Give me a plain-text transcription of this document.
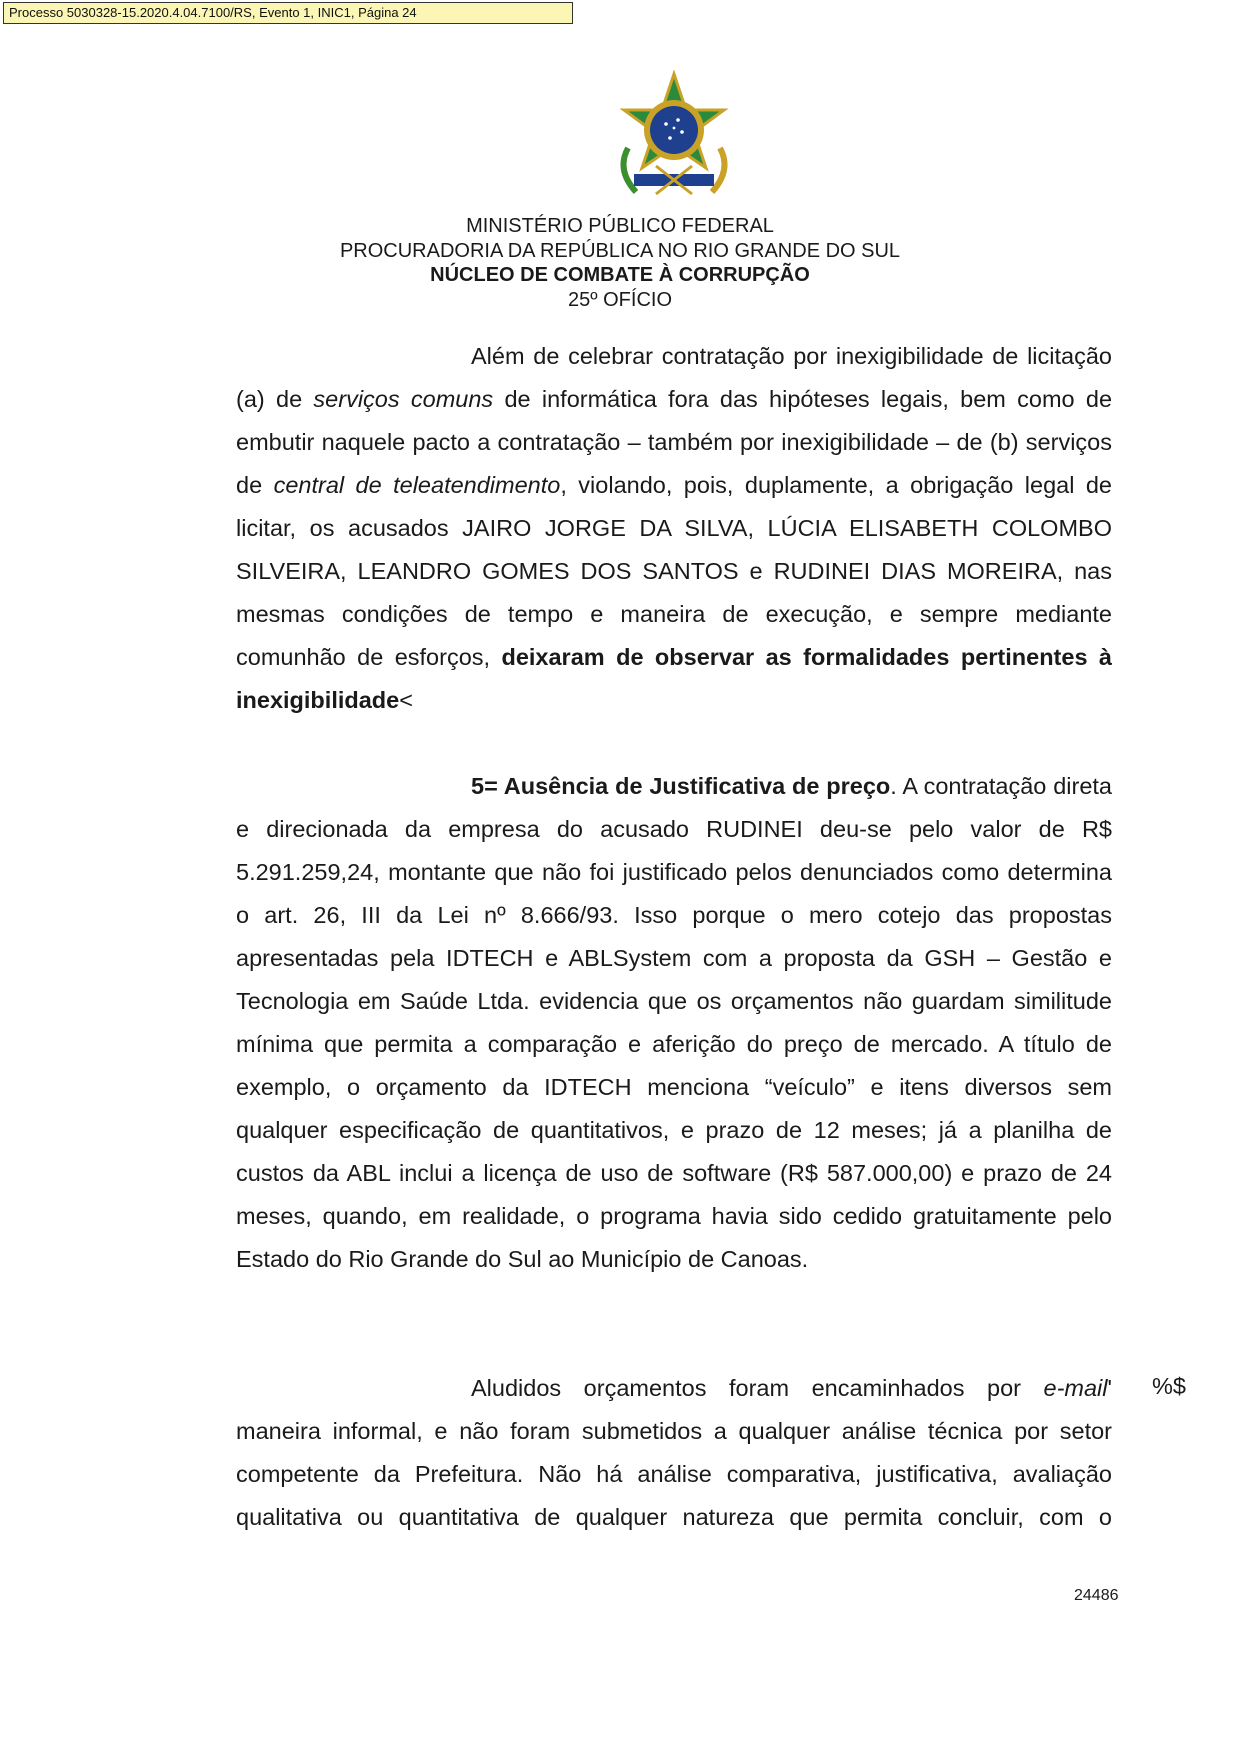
Processo 5030328-15.2020.4.04.7100/RS, Evento 1, INIC1, Página 24
MINISTÉRIO PÚBLICO FEDERAL
PROCURADORIA DA REPÚBLICA NO RIO GRANDE DO SUL
NÚCLEO DE COMBATE À CORRUPÇÃO
25º OFÍCIO

Além de celebrar contratação por inexigibilidade de licitação (a) de serviços comuns de informática fora das hipóteses legais, bem como de embutir naquele pacto a contratação – também por inexigibilidade – de (b) serviços de central de teleatendimento, violando, pois, duplamente, a obrigação legal de licitar, os acusados JAIRO JORGE DA SILVA, LÚCIA ELISABETH COLOMBO SILVEIRA, LEANDRO GOMES DOS SANTOS e RUDINEI DIAS MOREIRA, nas mesmas condições de tempo e maneira de execução, e sempre mediante comunhão de esforços, deixaram de observar as formalidades pertinentes à inexigibilidade<

5= Ausência de Justificativa de preço. A contratação direta e direcionada da empresa do acusado RUDINEI deu-se pelo valor de R$ 5.291.259,24, montante que não foi justificado pelos denunciados como determina o art. 26, III da Lei nº 8.666/93. Isso porque o mero cotejo das propostas apresentadas pela IDTECH e ABLSystem com a proposta da GSH – Gestão e Tecnologia em Saúde Ltda. evidencia que os orçamentos não guardam similitude mínima que permita a comparação e aferição do preço de mercado. A título de exemplo, o orçamento da IDTECH menciona “veículo” e itens diversos sem qualquer especificação de quantitativos, e prazo de 12 meses; já a planilha de custos da ABL inclui a licença de uso de software (R$ 587.000,00) e prazo de 24 meses, quando, em realidade, o programa havia sido cedido gratuitamente pelo Estado do Rio Grande do Sul ao Município de Canoas.

Aludidos orçamentos foram encaminhados por e-mail' maneira informal, e não foram submetidos a qualquer análise técnica por setor competente da Prefeitura. Não há análise comparativa, justificativa, avaliação qualitativa ou quantitativa de qualquer natureza que permita concluir, com o

%$
24486
